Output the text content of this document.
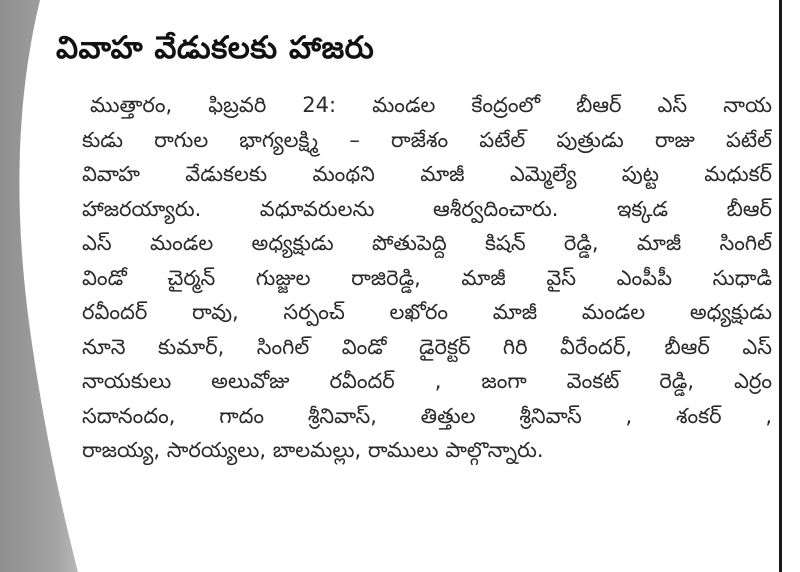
వివాహ వేడుకలకు హాజరు
ముత్తారం, ఫిబ్రవరి 24: మండల కేంద్రంలో బీఆర్ ఎస్ నాయ
కుడు రాగుల భాగ్యలక్ష్మి – రాజేశం పటేల్ పుత్రుడు రాజు పటేల్
వివాహ వేడుకలకు మంథని మాజీ ఎమ్మెల్యే పుట్ట మధుకర్
హాజరయ్యారు. వధూవరులను ఆశీర్వదించారు. ఇక్కడ బీఆర్
ఎస్ మండల అధ్యక్షుడు పోతుపెద్ది కిషన్ రెడ్డి, మాజీ సింగిల్
విండో చైర్మన్ గుజ్జుల రాజిరెడ్డి, మాజీ వైస్ ఎంపీపీ సుధాడి
రవీందర్ రావు, సర్పంచ్ లఖోరం మాజీ మండల అధ్యక్షుడు
నూనె కుమార్, సింగిల్ విండో డైరెక్టర్ గిరి వీరేందర్, బీఆర్ ఎస్
నాయకులు అలువోజు రవీందర్ , జంగా వెంకట్ రెడ్డి, ఎర్రం
సదానందం, గాదం శ్రీనివాస్, తిత్తుల శ్రీనివాస్ , శంకర్ ,
రాజయ్య, సారయ్యలు, బాలమల్లు, రాములు పాల్గొన్నారు.
